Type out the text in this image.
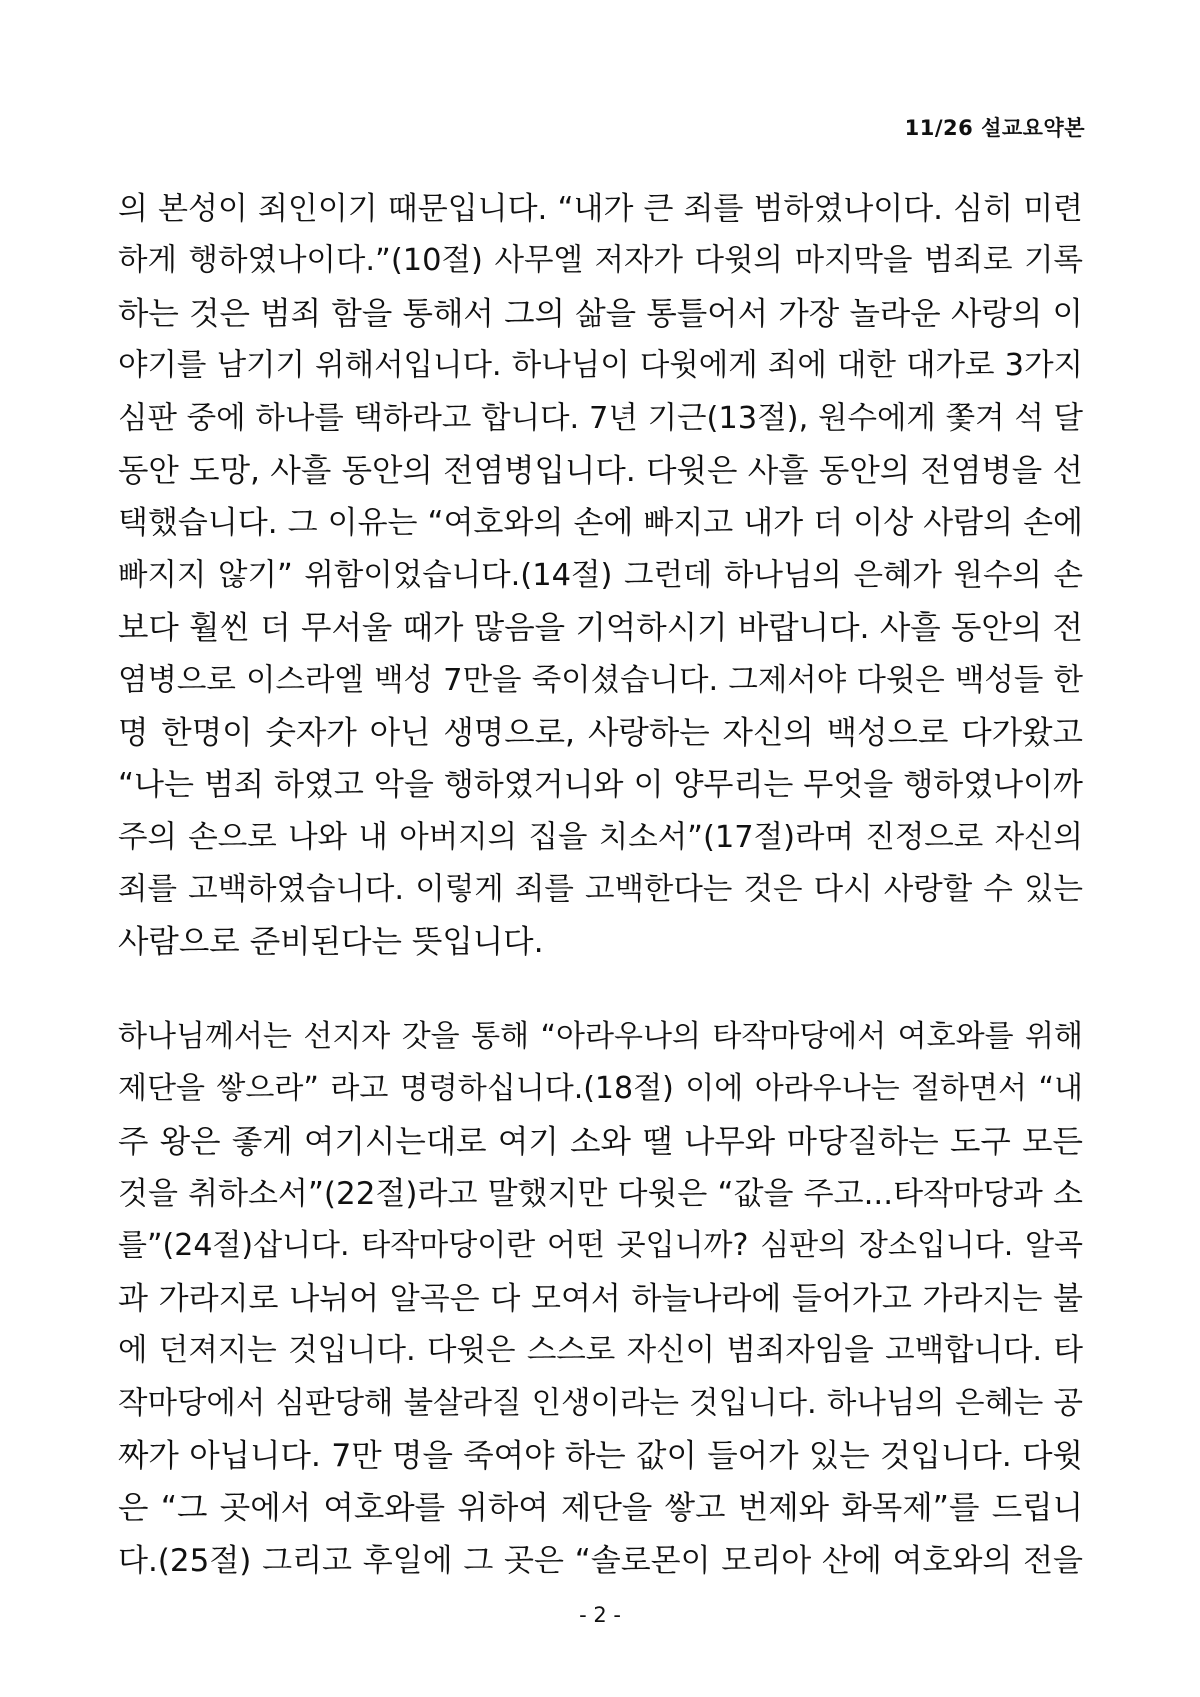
11/26 설교요약본
의 본성이 죄인이기 때문입니다. “내가 큰 죄를 범하였나이다. 심히 미련
하게 행하였나이다.”(10절) 사무엘 저자가 다윗의 마지막을 범죄로 기록
하는 것은 범죄 함을 통해서 그의 삶을 통틀어서 가장 놀라운 사랑의 이
야기를 남기기 위해서입니다. 하나님이 다윗에게 죄에 대한 대가로 3가지
심판 중에 하나를 택하라고 합니다. 7년 기근(13절), 원수에게 쫓겨 석 달
동안 도망, 사흘 동안의 전염병입니다. 다윗은 사흘 동안의 전염병을 선
택했습니다. 그 이유는 “여호와의 손에 빠지고 내가 더 이상 사람의 손에
빠지지 않기” 위함이었습니다.(14절) 그런데 하나님의 은혜가 원수의 손
보다 훨씬 더 무서울 때가 많음을 기억하시기 바랍니다. 사흘 동안의 전
염병으로 이스라엘 백성 7만을 죽이셨습니다. 그제서야 다윗은 백성들 한
명 한명이 숫자가 아닌 생명으로, 사랑하는 자신의 백성으로 다가왔고
“나는 범죄 하였고 악을 행하였거니와 이 양무리는 무엇을 행하였나이까
주의 손으로 나와 내 아버지의 집을 치소서”(17절)라며 진정으로 자신의
죄를 고백하였습니다. 이렇게 죄를 고백한다는 것은 다시 사랑할 수 있는
사람으로 준비된다는 뜻입니다.
하나님께서는 선지자 갓을 통해 “아라우나의 타작마당에서 여호와를 위해
제단을 쌓으라” 라고 명령하십니다.(18절) 이에 아라우나는 절하면서 “내
주 왕은 좋게 여기시는대로 여기 소와 땔 나무와 마당질하는 도구 모든
것을 취하소서”(22절)라고 말했지만 다윗은 “값을 주고...타작마당과 소
를”(24절)삽니다. 타작마당이란 어떤 곳입니까? 심판의 장소입니다. 알곡
과 가라지로 나뉘어 알곡은 다 모여서 하늘나라에 들어가고 가라지는 불
에 던져지는 것입니다. 다윗은 스스로 자신이 범죄자임을 고백합니다. 타
작마당에서 심판당해 불살라질 인생이라는 것입니다. 하나님의 은혜는 공
짜가 아닙니다. 7만 명을 죽여야 하는 값이 들어가 있는 것입니다. 다윗
은 “그 곳에서 여호와를 위하여 제단을 쌓고 번제와 화목제”를 드립니
다.(25절) 그리고 후일에 그 곳은 “솔로몬이 모리아 산에 여호와의 전을
- 2 -
